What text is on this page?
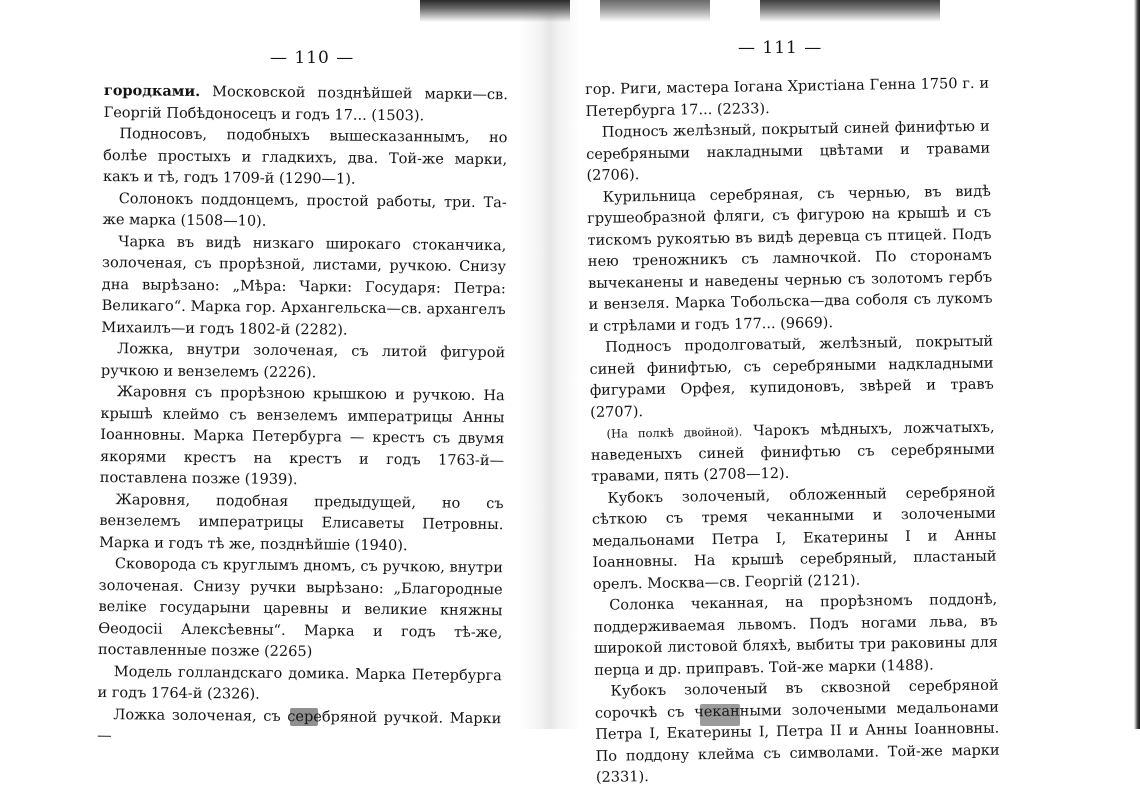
— 110 —

городками. Московской позднѣйшей марки—св. Георгій Побѣдоносецъ и годъ 17... (1503).

Подносовъ, подобныхъ вышесказаннымъ, но болѣе простыхъ и гладкихъ, два. Той-же марки, какъ и тѣ, годъ 1709-й (1290—1).

Солонокъ поддонцемъ, простой работы, три. Та-же марка (1508—10).

Чарка въ видѣ низкаго широкаго стоканчика, золоченая, съ прорѣзной, листами, ручкою. Снизу дна вырѣзано: „Мѣра: Чарки: Государя: Петра: Великаго“. Марка гор. Архангельска—св. архангелъ Михаилъ—и годъ 1802-й (2282).

Ложка, внутри золоченая, съ литой фигурой ручкою и вензелемъ (2226).

Жаровня съ прорѣзною крышкою и ручкою. На крышѣ клеймо съ вензелемъ императрицы Анны Іоанновны. Марка Петербурга — крестъ съ двумя якорями крестъ на крестъ и годъ 1763-й—поставлена позже (1939).

Жаровня, подобная предыдущей, но съ вензелемъ императрицы Елисаветы Петровны. Марка и годъ тѣ же, позднѣйшіе (1940).

Сковорода съ круглымъ дномъ, съ ручкою, внутри золоченая. Снизу ручки вырѣзано: „Благородные веліке государыни царевны и великие княжны Ѳеодосіі Алексѣевны“. Марка и годъ тѣ-же, поставленные позже (2265)

Модель голландскаго домика. Марка Петербурга и годъ 1764-й (2326).

Ложка золоченая, съ серебряной ручкой. Марки—

— 111 —

гор. Риги, мастера Іогана Христіана Генна 1750 г. и Петербурга 17... (2233).

Подносъ желѣзный, покрытый синей финифтью и серебряными накладными цвѣтами и травами (2706).

Курильница серебряная, съ чернью, въ видѣ грушеобразной фляги, съ фигурою на крышѣ и съ тискомъ рукоятью въ видѣ деревца съ птицей. Подъ нею треножникъ съ ламночкой. По сторонамъ вычеканены и наведены чернью съ золотомъ гербъ и вензеля. Марка Тобольска—два соболя съ лукомъ и стрѣлами и годъ 177... (9669).

Подносъ продолговатый, желѣзный, покрытый синей финифтью, съ серебряными надкладными фигурами Орфея, купидоновъ, звѣрей и травъ (2707).

(На полкѣ двойной). Чарокъ мѣдныхъ, ложчатыхъ, наведеныхъ синей финифтью съ серебряными травами, пять (2708—12).

Кубокъ золоченый, обложенный серебряной сѣткою съ тремя чеканными и золочеными медальонами Петра I, Екатерины I и Анны Іоанновны. На крышѣ серебряный, пластаный орелъ. Москва—св. Георгій (2121).

Солонка чеканная, на прорѣзномъ поддонѣ, поддерживаемая львомъ. Подъ ногами льва, въ широкой листовой бляхѣ, выбиты три раковины для перца и др. приправъ. Той-же марки (1488).

Кубокъ золоченый въ сквозной серебряной сорочкѣ съ чеканными золочеными медальонами Петра I, Екатерины I, Петра II и Анны Іоанновны. По поддону клейма съ символами. Той-же марки (2331).
